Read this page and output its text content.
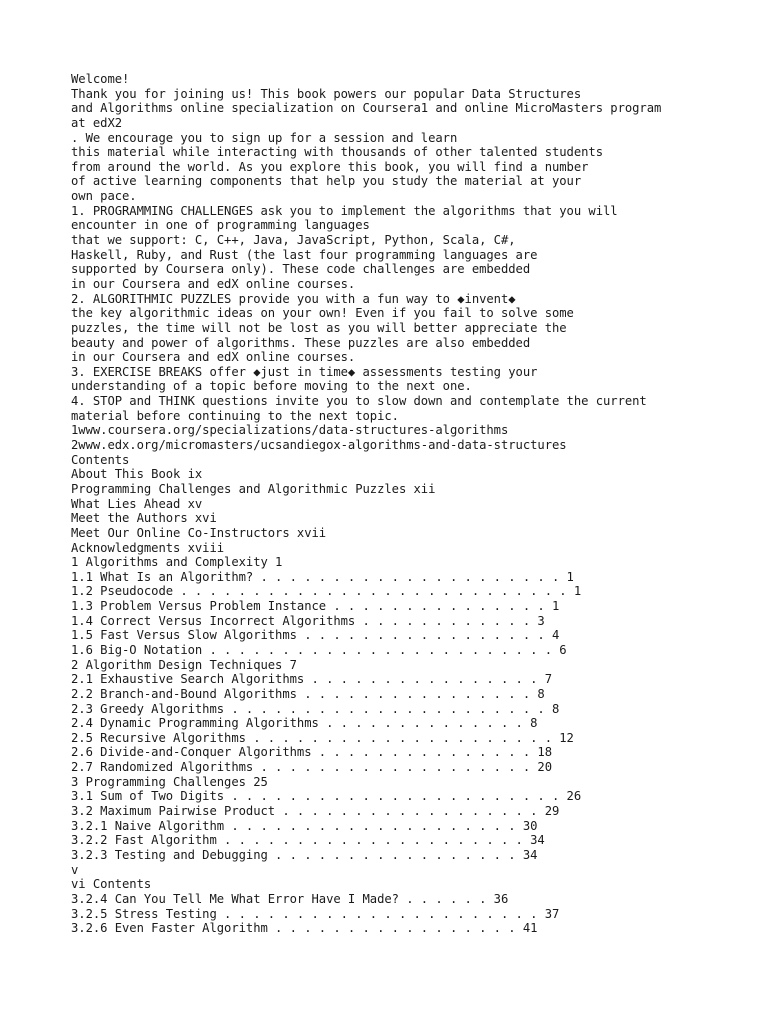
Welcome!
Thank you for joining us! This book powers our popular Data Structures
and Algorithms online specialization on Coursera1 and online MicroMasters program
at edX2
. We encourage you to sign up for a session and learn
this material while interacting with thousands of other talented students
from around the world. As you explore this book, you will find a number
of active learning components that help you study the material at your
own pace.
1. PROGRAMMING CHALLENGES ask you to implement the algorithms that you will
encounter in one of programming languages
that we support: C, C++, Java, JavaScript, Python, Scala, C#,
Haskell, Ruby, and Rust (the last four programming languages are
supported by Coursera only). These code challenges are embedded
in our Coursera and edX online courses.
2. ALGORITHMIC PUZZLES provide you with a fun way to ◆invent◆
the key algorithmic ideas on your own! Even if you fail to solve some
puzzles, the time will not be lost as you will better appreciate the
beauty and power of algorithms. These puzzles are also embedded
in our Coursera and edX online courses.
3. EXERCISE BREAKS offer ◆just in time◆ assessments testing your
understanding of a topic before moving to the next one.
4. STOP and THINK questions invite you to slow down and contemplate the current
material before continuing to the next topic.
1www.coursera.org/specializations/data-structures-algorithms
2www.edx.org/micromasters/ucsandiegox-algorithms-and-data-structures
Contents
About This Book ix
Programming Challenges and Algorithmic Puzzles xii
What Lies Ahead xv
Meet the Authors xvi
Meet Our Online Co-Instructors xvii
Acknowledgments xviii
1 Algorithms and Complexity 1
1.1 What Is an Algorithm? . . . . . . . . . . . . . . . . . . . . . 1
1.2 Pseudocode . . . . . . . . . . . . . . . . . . . . . . . . . . . 1
1.3 Problem Versus Problem Instance . . . . . . . . . . . . . . . 1
1.4 Correct Versus Incorrect Algorithms . . . . . . . . . . . . 3
1.5 Fast Versus Slow Algorithms . . . . . . . . . . . . . . . . . 4
1.6 Big-O Notation . . . . . . . . . . . . . . . . . . . . . . . . 6
2 Algorithm Design Techniques 7
2.1 Exhaustive Search Algorithms . . . . . . . . . . . . . . . . 7
2.2 Branch-and-Bound Algorithms . . . . . . . . . . . . . . . . 8
2.3 Greedy Algorithms . . . . . . . . . . . . . . . . . . . . . . 8
2.4 Dynamic Programming Algorithms . . . . . . . . . . . . . . 8
2.5 Recursive Algorithms . . . . . . . . . . . . . . . . . . . . . 12
2.6 Divide-and-Conquer Algorithms . . . . . . . . . . . . . . . 18
2.7 Randomized Algorithms . . . . . . . . . . . . . . . . . . . 20
3 Programming Challenges 25
3.1 Sum of Two Digits . . . . . . . . . . . . . . . . . . . . . . . 26
3.2 Maximum Pairwise Product . . . . . . . . . . . . . . . . . . 29
3.2.1 Naive Algorithm . . . . . . . . . . . . . . . . . . . . 30
3.2.2 Fast Algorithm . . . . . . . . . . . . . . . . . . . . . 34
3.2.3 Testing and Debugging . . . . . . . . . . . . . . . . . 34
v
vi Contents
3.2.4 Can You Tell Me What Error Have I Made? . . . . . . 36
3.2.5 Stress Testing . . . . . . . . . . . . . . . . . . . . . . 37
3.2.6 Even Faster Algorithm . . . . . . . . . . . . . . . . . 41
